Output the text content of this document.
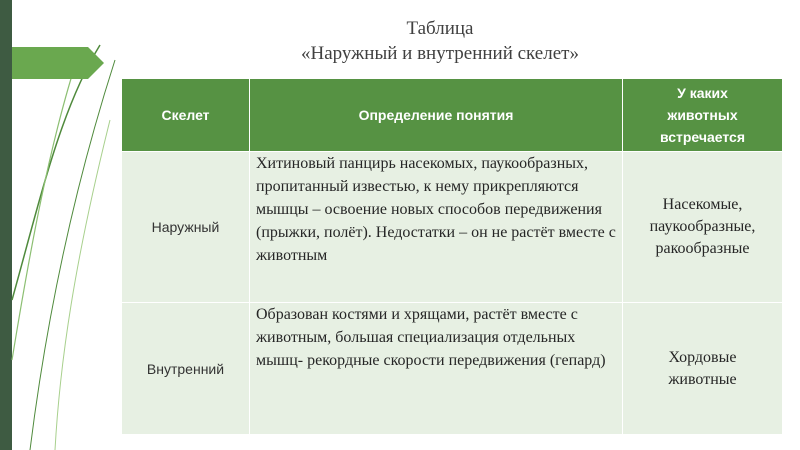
Таблица
«Наружный и внутренний скелет»
Скелет	Определение понятия	У каких животных встречается
Наружный	Хитиновый панцирь насекомых, паукообразных, пропитанный известью, к нему прикрепляются мышцы – освоение новых способов передвижения (прыжки, полёт). Недостатки – он не растёт вместе с животным	Насекомые, паукообразные, ракообразные
Внутренний	Образован костями и хрящами, растёт вместе с животным, большая специализация отдельных мышц- рекордные скорости передвижения (гепард)	Хордовые животные
